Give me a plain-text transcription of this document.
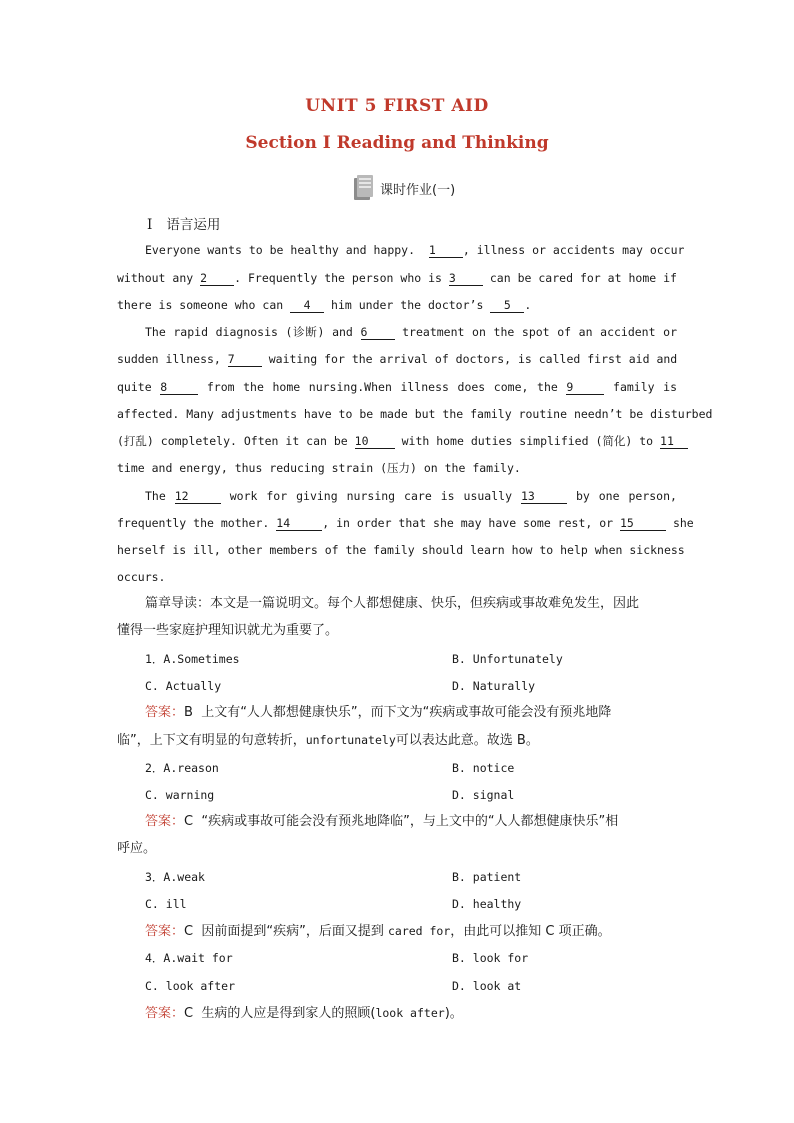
UNIT 5 FIRST AID
Section Ⅰ Reading and Thinking
课时作业(一)
Ⅰ 语言运用
Everyone wants to be healthy and happy. 1 , illness or accidents may occur
without any 2 . Frequently the person who is 3	can be cared for at home if
there is someone who can 4 him under the doctor’s 5 .
The rapid diagnosis (诊断) and 6	treatment on the spot of an accident or
sudden illness, 7	waiting for the arrival of doctors, is called first aid and
quite 8	from the home nursing.When illness does come, the 9	family is
affected. Many adjustments have to be made but the family routine needn’t be disturbed
(打乱) completely. Often it can be 10	with home duties simplified (简化) to 11
time and energy, thus reducing strain (压力) on the family.
The 12	work for giving nursing care is usually 13	by one person,
frequently the mother. 14	, in order that she may have some rest, or 15	she
herself is ill, other members of the family should learn how to help when sickness
occurs.
篇章导读：本文是一篇说明文。每个人都想健康、快乐，但疾病或事故难免发生，因此
懂得一些家庭护理知识就尤为重要了。
1．A.Sometimes	B. Unfortunately
C. Actually	D. Naturally
答案：B  上文有“人人都想健康快乐”，而下文为“疾病或事故可能会没有预兆地降
临”，上下文有明显的句意转折，unfortunately可以表达此意。故选 B。
2．A.reason	B. notice
C. warning	D. signal
答案：C  “疾病或事故可能会没有预兆地降临”，与上文中的“人人都想健康快乐”相
呼应。
3．A.weak	B. patient
C. ill	D. healthy
答案：C  因前面提到“疾病”，后面又提到 cared for，由此可以推知 C 项正确。
4．A.wait for	B. look for
C. look after	D. look at
答案：C  生病的人应是得到家人的照顾(look after)。
